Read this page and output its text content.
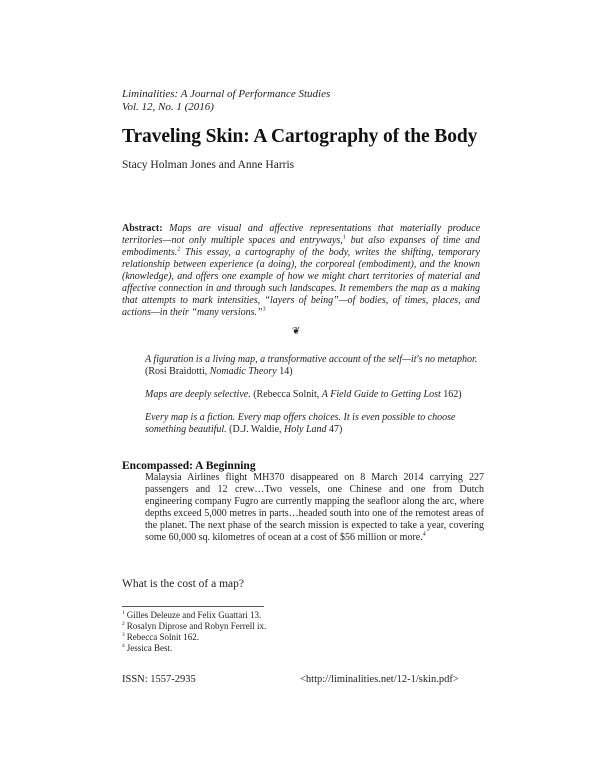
Liminalities: A Journal of Performance Studies
Vol. 12, No. 1 (2016)
Traveling Skin: A Cartography of the Body
Stacy Holman Jones and Anne Harris
Abstract: Maps are visual and affective representations that materially produce territories—not only multiple spaces and entryways,$^1$ but also expanses of time and embodiments.$^2$ This essay, a cartography of the body, writes the shifting, temporary relationship between experience (a doing), the corporeal (embodiment), and the known (knowledge), and offers one example of how we might chart territories of material and affective connection in and through such landscapes. It remembers the map as a making that attempts to mark intensities, “layers of being”—of bodies, of times, places, and actions—in their “many versions.”$^3$
❦
A figuration is a living map, a transformative account of the self—it's no metaphor. (Rosi Braidotti, Nomadic Theory 14)
Maps are deeply selective. (Rebecca Solnit, A Field Guide to Getting Lost 162)
Every map is a fiction. Every map offers choices. It is even possible to choose something beautiful. (D.J. Waldie, Holy Land 47)
Encompassed: A Beginning
Malaysia Airlines flight MH370 disappeared on 8 March 2014 carrying 227 passengers and 12 crew…Two vessels, one Chinese and one from Dutch engineering company Fugro are currently mapping the seafloor along the arc, where depths exceed 5,000 metres in parts…headed south into one of the remotest areas of the planet. The next phase of the search mission is expected to take a year, covering some 60,000 sq. kilometres of ocean at a cost of $56 million or more.$^4$
What is the cost of a map?
$^1$ Gilles Deleuze and Felix Guattari 13.
$^2$ Rosalyn Diprose and Robyn Ferrell ix.
$^3$ Rebecca Solnit 162.
$^4$ Jessica Best.
ISSN: 1557-2935	<http://liminalities.net/12-1/skin.pdf>
